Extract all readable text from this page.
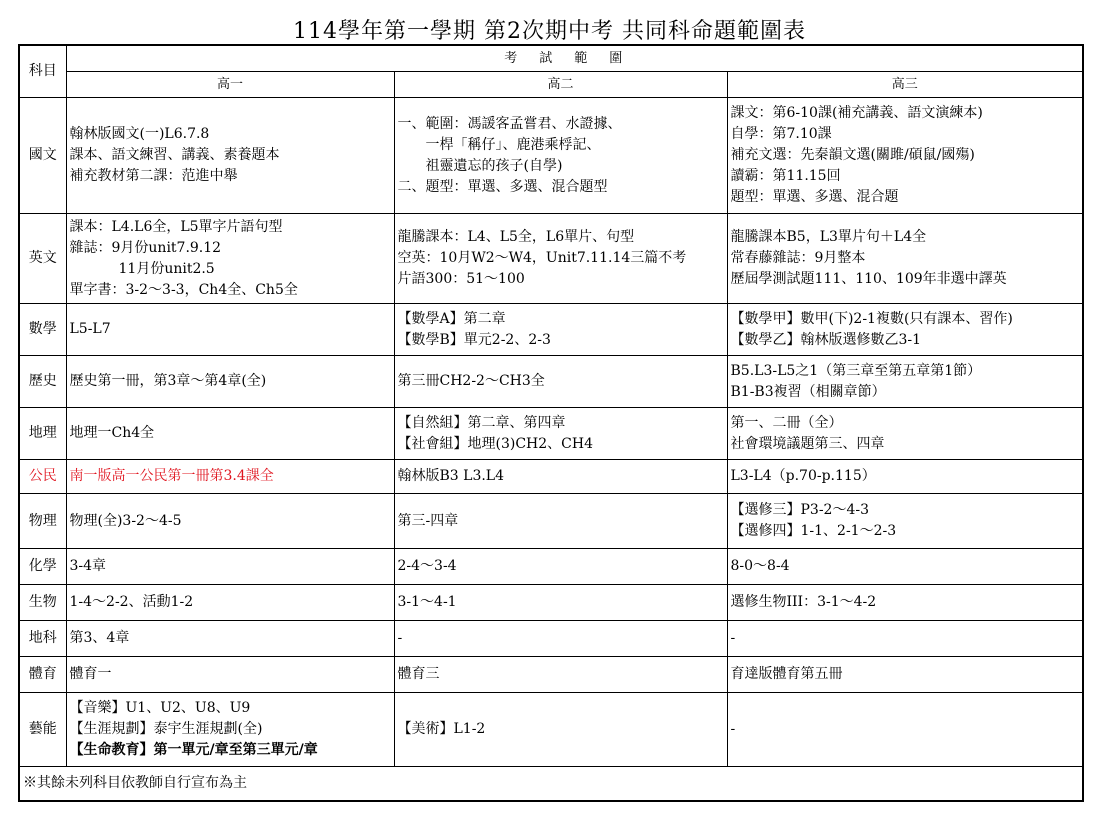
114學年第一學期 第2次期中考 共同科命題範圍表
科目	考試範圍		
	高一	高二	高三
國文	翰林版國文(一)L6.7.8
課本、語文練習、講義、素養題本
補充教材第二課：范進中舉	一、範圍：馮諼客孟嘗君、水證據、
一桿「稱仔」、鹿港乘桴記、
祖靈遺忘的孩子(自學)
二、題型：單選、多選、混合題型	課文：第6-10課(補充講義、語文演練本)
自學：第7.10課
補充文選：先秦韻文選(關雎/碩鼠/國殤)
讀霸：第11.15回
題型：單選、多選、混合題

英文	課本：L4.L6全，L5單字片語句型
雜誌：9月份unit7.9.12
11月份unit2.5
單字書：3-2～3-3，Ch4全、Ch5全	龍騰課本：L4、L5全，L6單片、句型
空英：10月W2～W4，Unit7.11.14三篇不考
片語300：51～100	龍騰課本B5，L3單片句＋L4全
常春藤雜誌：9月整本
歷屆學測試題111、110、109年非選中譯英

數學	L5-L7	【數學A】第二章
【數學B】單元2-2、2-3	【數學甲】數甲(下)2-1複數(只有課本、習作)
【數學乙】翰林版選修數乙3-1

歷史	歷史第一冊，第3章～第4章(全)	第三冊CH2-2～CH3全	B5.L3-L5之1（第三章至第五章第1節）
B1-B3複習（相關章節）

地理	地理一Ch4全	【自然組】第二章、第四章
【社會組】地理(3)CH2、CH4	第一、二冊（全）
社會環境議題第三、四章

公民	南一版高一公民第一冊第3.4課全	翰林版B3 L3.L4	L3-L4（p.70-p.115）

物理	物理(全)3-2～4-5	第三-四章	【選修三】P3-2～4-3
【選修四】1-1、2-1～2-3

化學	3-4章	2-4～3-4	8-0～8-4

生物	1-4～2-2、活動1-2	3-1～4-1	選修生物III：3-1～4-2

地科	第3、4章	-	-

體育	體育一	體育三	育達版體育第五冊

藝能	【音樂】U1、U2、U8、U9
【生涯規劃】泰宇生涯規劃(全)
【生命教育】第一單元/章至第三單元/章	【美術】L1-2	-

※其餘未列科目依教師自行宣布為主			
